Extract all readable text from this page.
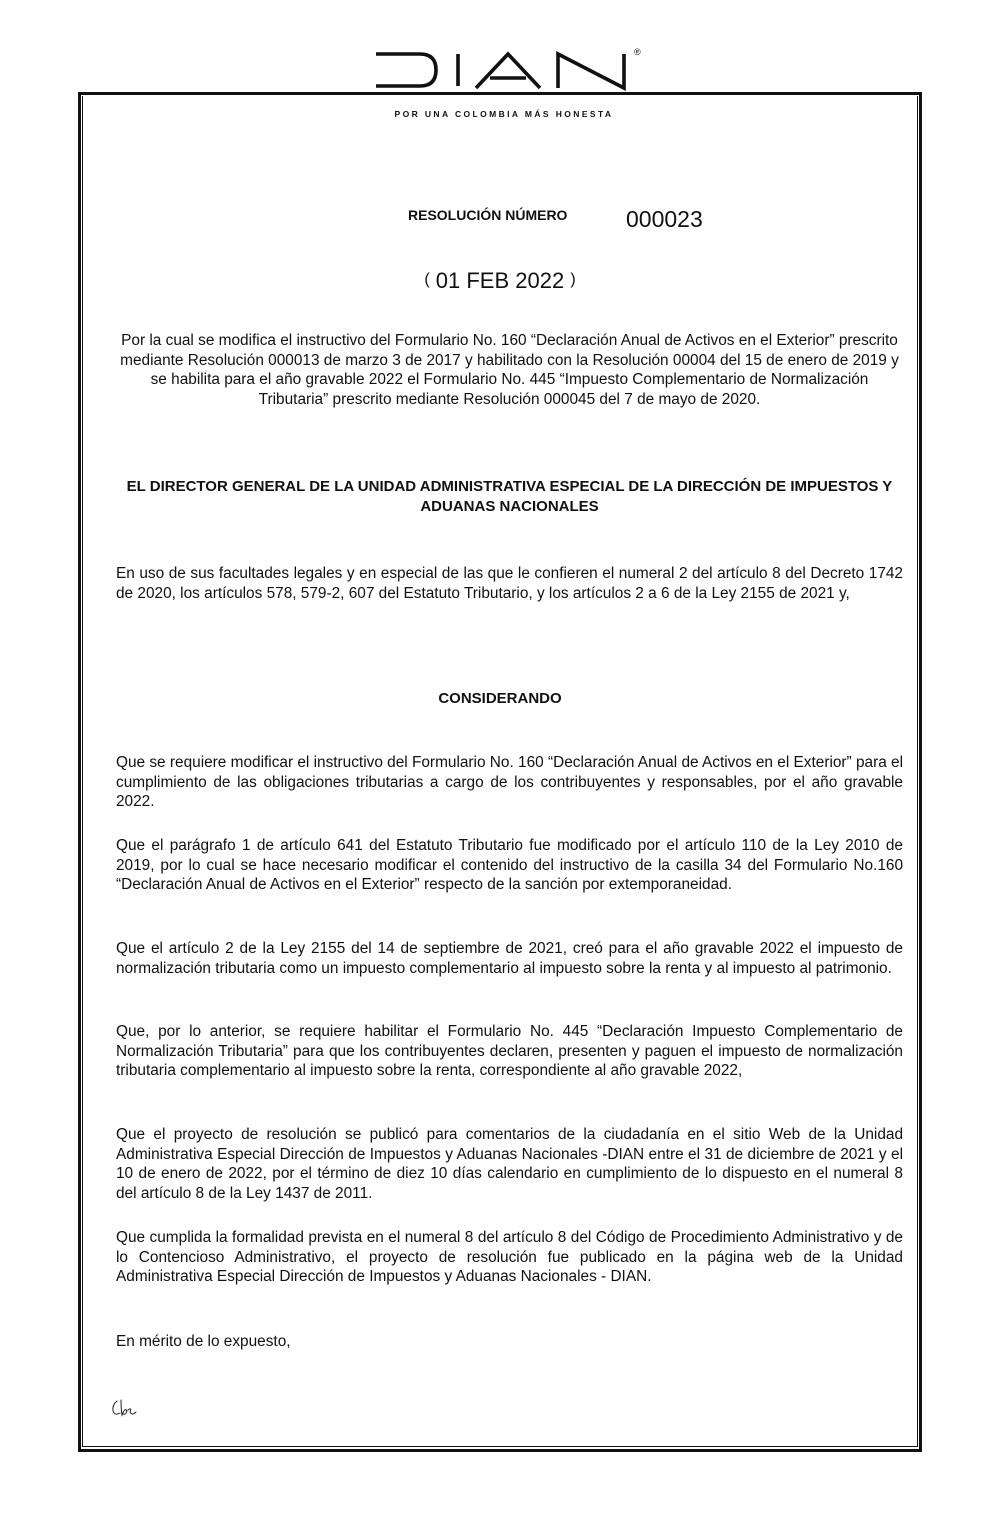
®
POR UNA COLOMBIA MÁS HONESTA
RESOLUCIÓN NÚMERO	000023
( 01 FEB 2022 )
Por la cual se modifica el instructivo del Formulario No. 160 “Declaración Anual de Activos en el Exterior” prescrito mediante Resolución 000013 de marzo 3 de 2017 y habilitado con la Resolución 00004 del 15 de enero de 2019 y se habilita para el año gravable 2022 el Formulario No. 445 “Impuesto Complementario de Normalización Tributaria” prescrito mediante Resolución 000045 del 7 de mayo de 2020.
EL DIRECTOR GENERAL DE LA UNIDAD ADMINISTRATIVA ESPECIAL DE LA DIRECCIÓN DE IMPUESTOS Y ADUANAS NACIONALES
En uso de sus facultades legales y en especial de las que le confieren el numeral 2 del artículo 8 del Decreto 1742 de 2020, los artículos 578, 579-2, 607 del Estatuto Tributario, y los artículos 2 a 6 de la Ley 2155 de 2021 y,
CONSIDERANDO
Que se requiere modificar el instructivo del Formulario No. 160 “Declaración Anual de Activos en el Exterior” para el cumplimiento de las obligaciones tributarias a cargo de los contribuyentes y responsables, por el año gravable 2022.
Que el parágrafo 1 de artículo 641 del Estatuto Tributario fue modificado por el artículo 110 de la Ley 2010 de 2019, por lo cual se hace necesario modificar el contenido del instructivo de la casilla 34 del Formulario No.160 “Declaración Anual de Activos en el Exterior” respecto de la sanción por extemporaneidad.
Que el artículo 2 de la Ley 2155 del 14 de septiembre de 2021, creó para el año gravable 2022 el impuesto de normalización tributaria como un impuesto complementario al impuesto sobre la renta y al impuesto al patrimonio.
Que, por lo anterior, se requiere habilitar el Formulario No. 445 “Declaración Impuesto Complementario de Normalización Tributaria” para que los contribuyentes declaren, presenten y paguen el impuesto de normalización tributaria complementario al impuesto sobre la renta, correspondiente al año gravable 2022,
Que el proyecto de resolución se publicó para comentarios de la ciudadanía en el sitio Web de la Unidad Administrativa Especial Dirección de Impuestos y Aduanas Nacionales -DIAN entre el 31 de diciembre de 2021 y el 10 de enero de 2022, por el término de diez 10 días calendario en cumplimiento de lo dispuesto en el numeral 8 del artículo 8 de la Ley 1437 de 2011.
Que cumplida la formalidad prevista en el numeral 8 del artículo 8 del Código de Procedimiento Administrativo y de lo Contencioso Administrativo, el proyecto de resolución fue publicado en la página web de la Unidad Administrativa Especial Dirección de Impuestos y Aduanas Nacionales - DIAN.
En mérito de lo expuesto,
